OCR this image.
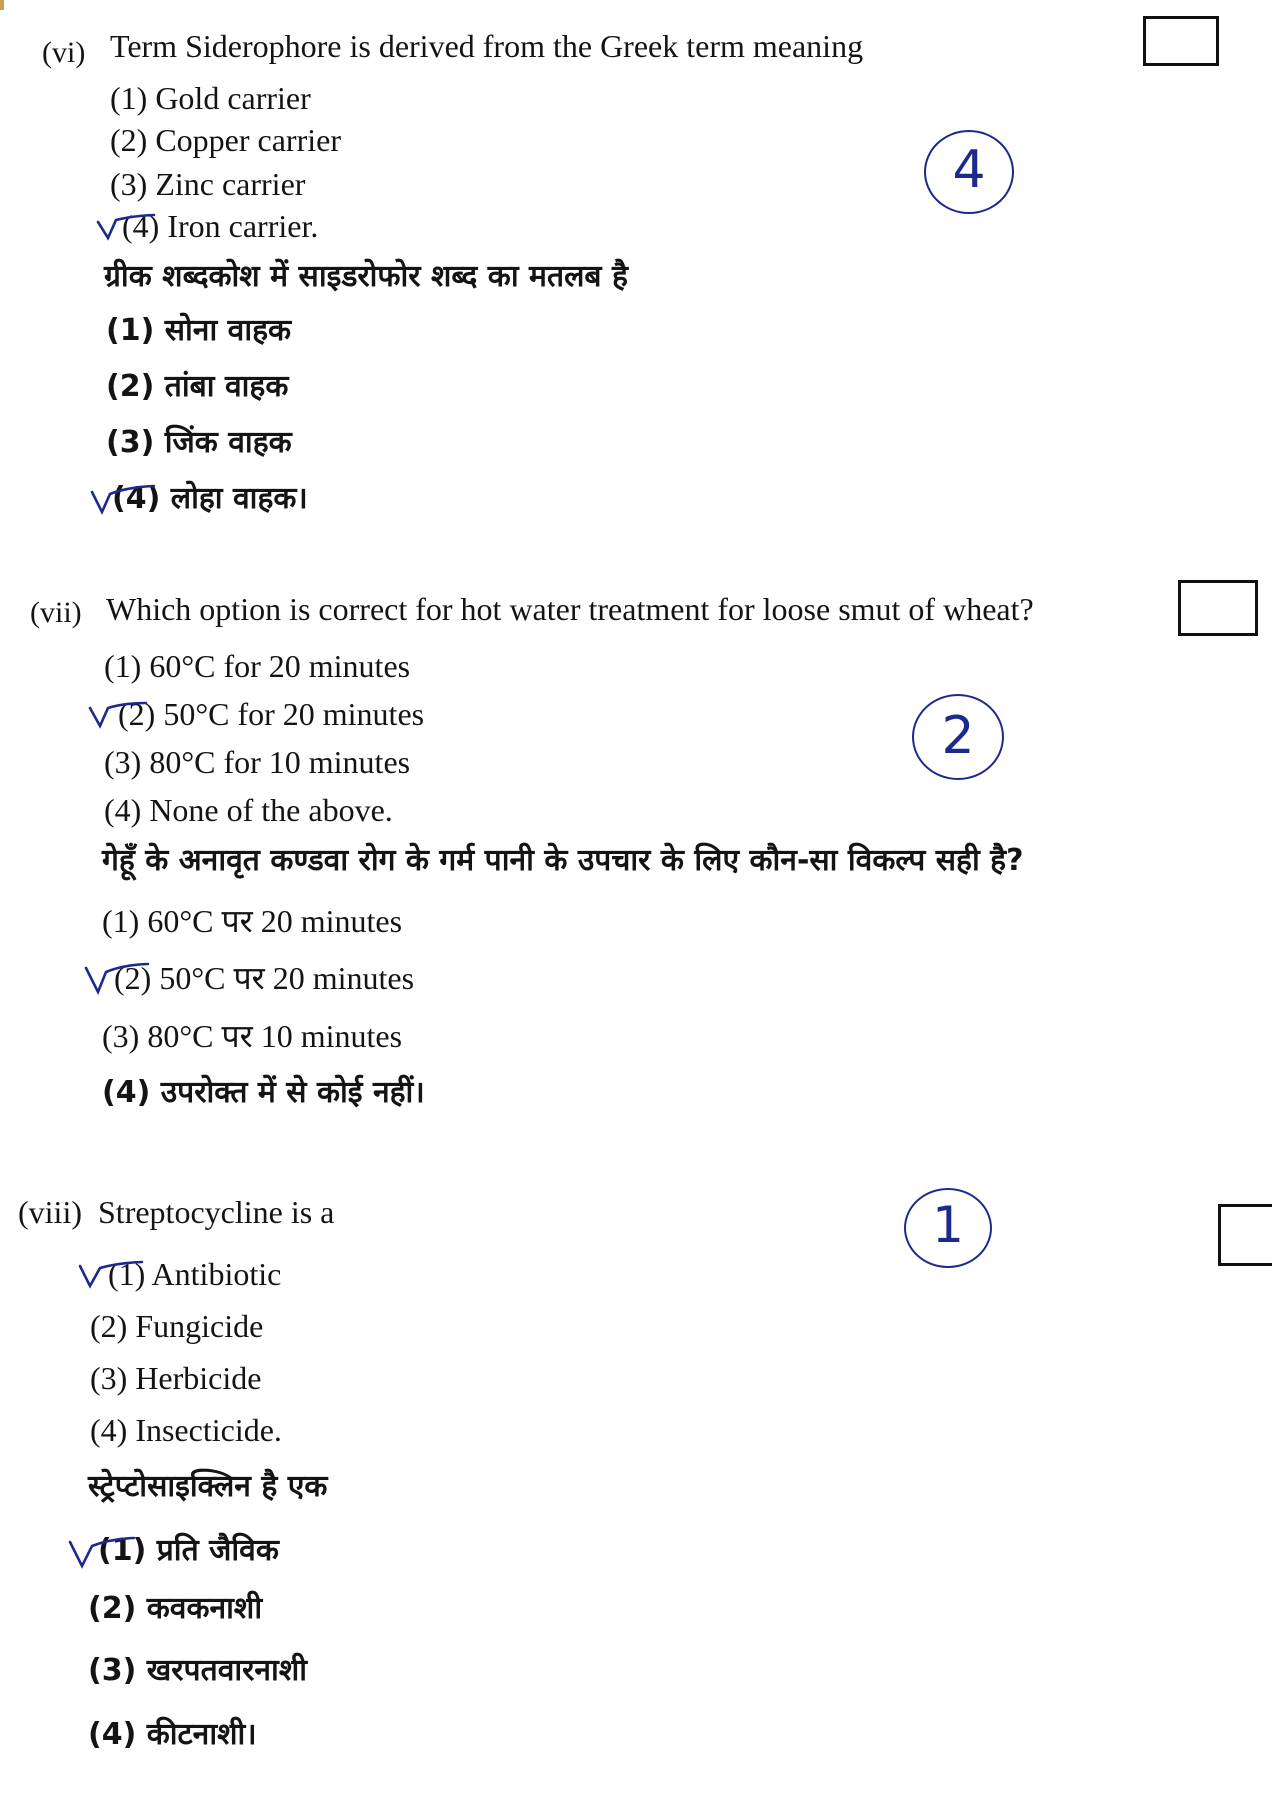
(vi) Term Siderophore is derived from the Greek term meaning
(1) Gold carrier
(2) Copper carrier
(3) Zinc carrier
(4) Iron carrier.
4
ग्रीक शब्दकोश में साइडरोफोर शब्द का मतलब है
(1) सोना वाहक
(2) तांबा वाहक
(3) जिंक वाहक
(4) लोहा वाहक।
(vii) Which option is correct for hot water treatment for loose smut of wheat?
(1) 60°C for 20 minutes
(2) 50°C for 20 minutes
(3) 80°C for 10 minutes
(4) None of the above.
2
गेहूँ के अनावृत कण्डवा रोग के गर्म पानी के उपचार के लिए कौन-सा विकल्प सही है?
(1) 60°C पर 20 minutes
(2) 50°C पर 20 minutes
(3) 80°C पर 10 minutes
(4) उपरोक्त में से कोई नहीं।
(viii) Streptocycline is a	1
(1) Antibiotic
(2) Fungicide
(3) Herbicide
(4) Insecticide.
स्ट्रेप्टोसाइक्लिन है एक
(1) प्रति जैविक
(2) कवकनाशी
(3) खरपतवारनाशी
(4) कीटनाशी।
